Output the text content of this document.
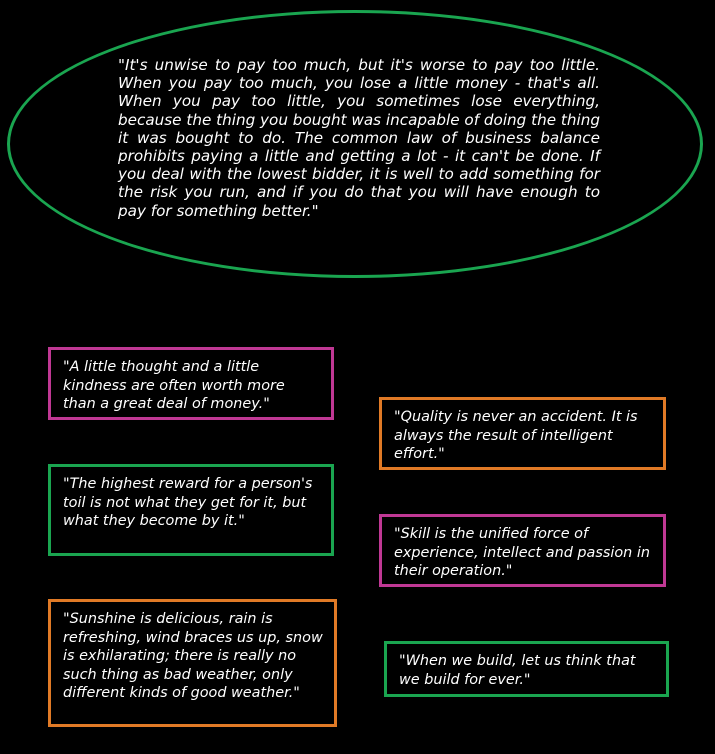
"It's unwise to pay too much, but it's worse to pay too little. When you pay too much, you lose a little money - that's all. When you pay too little, you sometimes lose everything, because the thing you bought was incapable of doing the thing it was bought to do. The common law of business balance prohibits paying a little and getting a lot - it can't be done. If you deal with the lowest bidder, it is well to add something for the risk you run, and if you do that you will have enough to pay for something better."

"A little thought and a little kindness are often worth more than a great deal of money."

"The highest reward for a person's toil is not what they get for it, but what they become by it."

"Sunshine is delicious, rain is refreshing, wind braces us up, snow is exhilarating; there is really no such thing as bad weather, only different kinds of good weather."

"Quality is never an accident. It is always the result of intelligent effort."

"Skill is the unified force of experience, intellect and passion in their operation."

"When we build, let us think that we build for ever."
